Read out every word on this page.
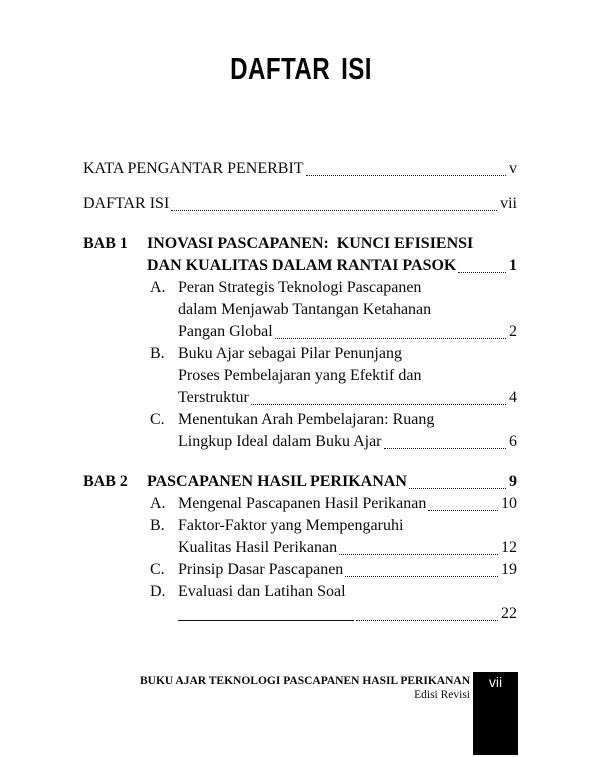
DAFTAR ISI
KATA PENGANTAR PENERBIT	v
DAFTAR ISI	vii
BAB 1	INOVASI PASCAPANEN:  KUNCI EFISIENSI
DAN KUALITAS DALAM RANTAI PASOK	1
A. Peran Strategis Teknologi Pascapanen
dalam Menjawab Tantangan Ketahanan
Pangan Global	2
B. Buku Ajar sebagai Pilar Penunjang
Proses Pembelajaran yang Efektif dan
Terstruktur	4
C. Menentukan Arah Pembelajaran: Ruang
Lingkup Ideal dalam Buku Ajar	6
BAB 2	PASCAPANEN HASIL PERIKANAN	9
A. Mengenal Pascapanen Hasil Perikanan	10
B. Faktor-Faktor yang Mempengaruhi
Kualitas Hasil Perikanan	12
C. Prinsip Dasar Pascapanen	19
D. Evaluasi dan Latihan Soal
22
BUKU AJAR TEKNOLOGI PASCAPANEN HASIL PERIKANAN
Edisi Revisi
vii
